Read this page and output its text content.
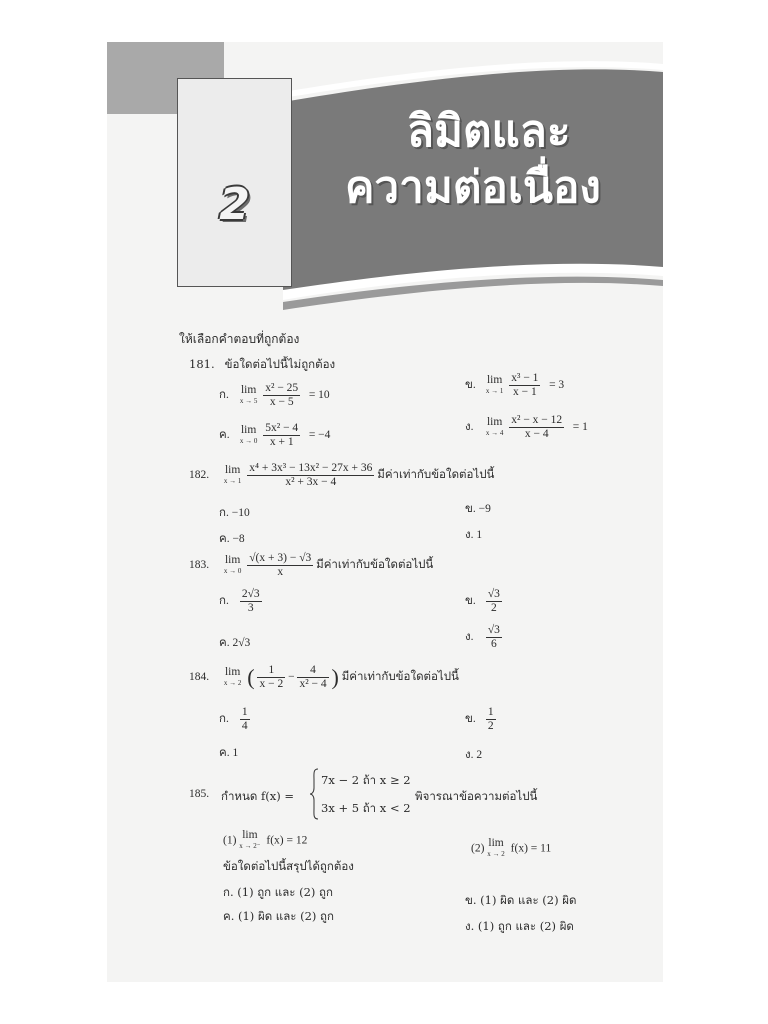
2
ลิมิตและ
ความต่อเนื่อง
ให้เลือกคำตอบที่ถูกต้อง
181. ข้อใดต่อไปนี้ไม่ถูกต้อง
ก. lim
x → 5
$\frac{\text{x² − 25}}{x - 5} = 10$
ข. lim
x → 1
$\frac{\text{x³ − 1}}{x - 1} = 3$
ค. lim
x → 0
$\frac{\text{5x² − 4}}{x + 1} = -4$
ง. lim
x → 4
$\frac{\text{x² − x − 12}}{x - 4} = 1$
182. lim
x → 1
$\frac{\text{x⁴ + 3x³ − 13x² − 27x + 36}}{\text{x² + 3x − 4}}$ มีค่าเท่ากับข้อใดต่อไปนี้
ก. −10	ข. −9
ค. −8	ง. 1
183. lim
x → 0
$\frac{√(x + 3) - √3}{x}$ มีค่าเท่ากับข้อใดต่อไปนี้
ก. $\frac{2√3}{3}$	ข. $\frac{√3}{2}$
ค. 2√3	ง. $\frac{√3}{6}$
184. lim
x → 2 ( $\frac{1}{x - 2} - \frac{4}{\text{x² − 4}}$ ) มีค่าเท่ากับข้อใดต่อไปนี้
ก. $\frac{1}{4}$	ข. $\frac{1}{2}$
ค. 1	ง. 2
185. กำหนด f(x) =
7x − 2 ถ้า x ≥ 2
3x + 5 ถ้า x < 2
พิจารณาข้อความต่อไปนี้
(1) lim
x → 2⁻ f(x) = 12
(2) lim
x → 2 f(x) = 11
ข้อใดต่อไปนี้สรุปได้ถูกต้อง
ก. (1) ถูก และ (2) ถูก
ข. (1) ผิด และ (2) ผิด
ค. (1) ผิด และ (2) ถูก
ง. (1) ถูก และ (2) ผิด
